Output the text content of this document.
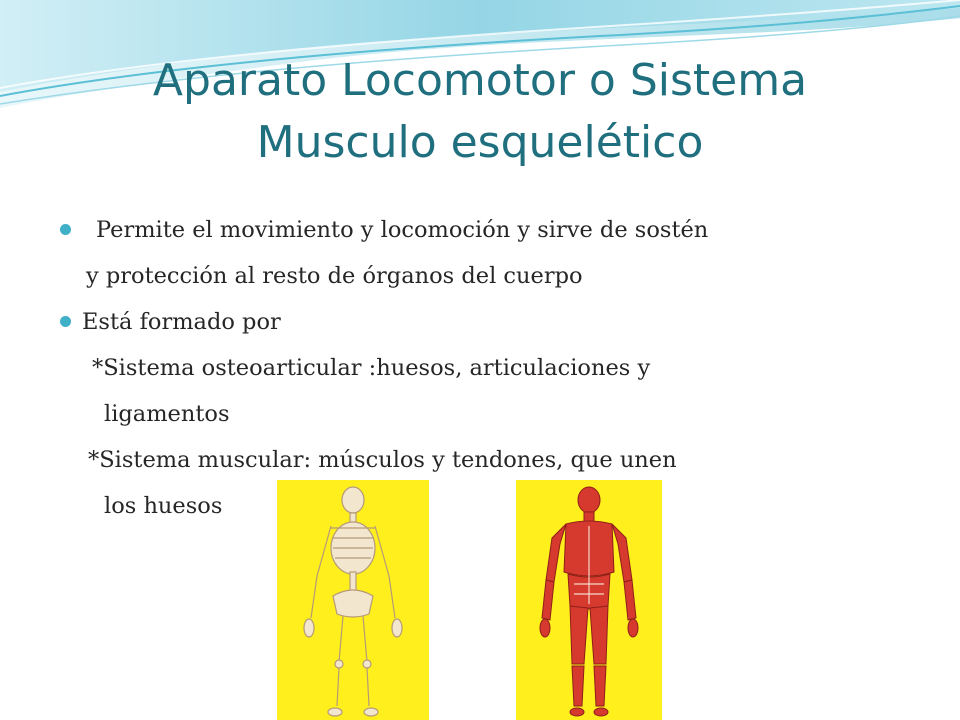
Aparato Locomotor o Sistema
Musculo esquelético
Permite el movimiento y locomoción y sirve de sostén
y protección al resto de órganos del cuerpo
Está formado por
*Sistema osteoarticular :huesos, articulaciones y
ligamentos
*Sistema muscular: músculos y tendones, que unen
los huesos
